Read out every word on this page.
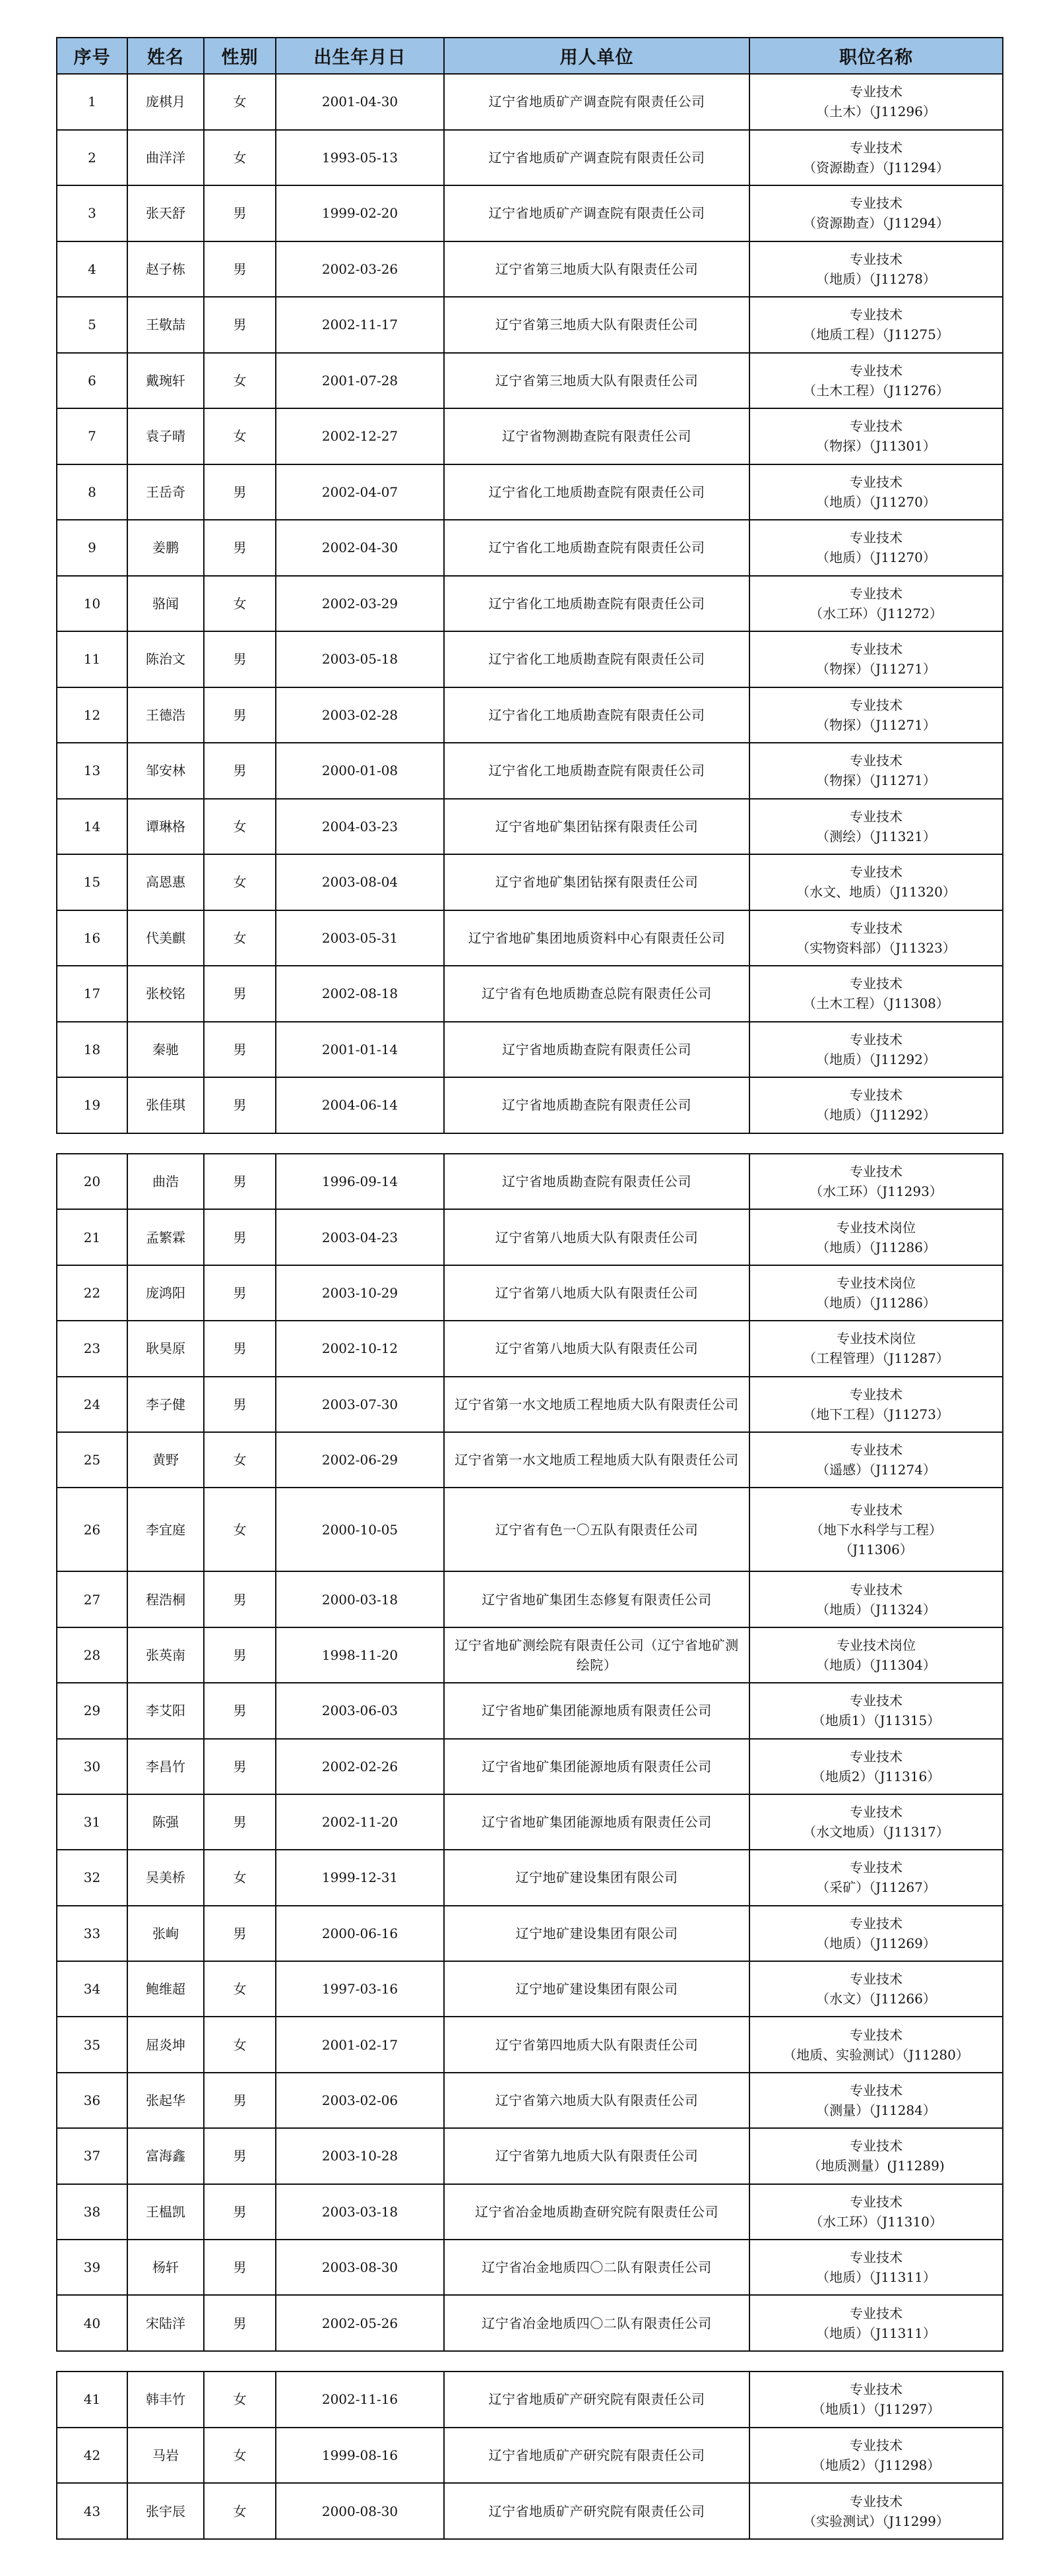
序号	姓名	性别	出生年月日	用人单位	职位名称
1	庞棋月	女	2001-04-30	辽宁省地质矿产调查院有限责任公司	专业技术
（土木）（J11296）

2	曲洋洋	女	1993-05-13	辽宁省地质矿产调查院有限责任公司	专业技术
（资源勘查）（J11294）

3	张天舒	男	1999-02-20	辽宁省地质矿产调查院有限责任公司	专业技术
（资源勘查）（J11294）

4	赵子栋	男	2002-03-26	辽宁省第三地质大队有限责任公司	专业技术
（地质）（J11278）

5	王敬喆	男	2002-11-17	辽宁省第三地质大队有限责任公司	专业技术
（地质工程）（J11275）

6	戴琬轩	女	2001-07-28	辽宁省第三地质大队有限责任公司	专业技术
（土木工程）（J11276）

7	袁子晴	女	2002-12-27	辽宁省物测勘查院有限责任公司	专业技术
（物探）（J11301）

8	王岳奇	男	2002-04-07	辽宁省化工地质勘查院有限责任公司	专业技术
（地质）（J11270）

9	姜鹏	男	2002-04-30	辽宁省化工地质勘查院有限责任公司	专业技术
（地质）（J11270）

10	骆闻	女	2002-03-29	辽宁省化工地质勘查院有限责任公司	专业技术
（水工环）（J11272）

11	陈治文	男	2003-05-18	辽宁省化工地质勘查院有限责任公司	专业技术
（物探）（J11271）

12	王德浩	男	2003-02-28	辽宁省化工地质勘查院有限责任公司	专业技术
（物探）（J11271）

13	邹安林	男	2000-01-08	辽宁省化工地质勘查院有限责任公司	专业技术
（物探）（J11271）

14	谭琳格	女	2004-03-23	辽宁省地矿集团钻探有限责任公司	专业技术
（测绘）（J11321）

15	高恩惠	女	2003-08-04	辽宁省地矿集团钻探有限责任公司	专业技术
（水文、地质）（J11320）

16	代美麒	女	2003-05-31	辽宁省地矿集团地质资料中心有限责任公司	专业技术
（实物资料部）（J11323）

17	张校铭	男	2002-08-18	辽宁省有色地质勘查总院有限责任公司	专业技术
（土木工程）（J11308）

18	秦驰	男	2001-01-14	辽宁省地质勘查院有限责任公司	专业技术
（地质）（J11292）

19	张佳琪	男	2004-06-14	辽宁省地质勘查院有限责任公司	专业技术
（地质）（J11292）
20	曲浩	男	1996-09-14	辽宁省地质勘查院有限责任公司	专业技术
（水工环）（J11293）

21	孟繁霖	男	2003-04-23	辽宁省第八地质大队有限责任公司	专业技术岗位
（地质）（J11286）

22	庞鸿阳	男	2003-10-29	辽宁省第八地质大队有限责任公司	专业技术岗位
（地质）（J11286）

23	耿昊原	男	2002-10-12	辽宁省第八地质大队有限责任公司	专业技术岗位
（工程管理）（J11287）

24	李子健	男	2003-07-30	辽宁省第一水文地质工程地质大队有限责任公司	专业技术
（地下工程）（J11273）

25	黄野	女	2002-06-29	辽宁省第一水文地质工程地质大队有限责任公司	专业技术
（遥感）（J11274）

26	李宜庭	女	2000-10-05	辽宁省有色一〇五队有限责任公司	专业技术
（地下水科学与工程）
（J11306）

27	程浩桐	男	2000-03-18	辽宁省地矿集团生态修复有限责任公司	专业技术
（地质）（J11324）

28	张英南	男	1998-11-20	辽宁省地矿测绘院有限责任公司（辽宁省地矿测绘院）	专业技术岗位
（地质）（J11304）

29	李艾阳	男	2003-06-03	辽宁省地矿集团能源地质有限责任公司	专业技术
（地质1）（J11315）

30	李昌竹	男	2002-02-26	辽宁省地矿集团能源地质有限责任公司	专业技术
（地质2）（J11316）

31	陈强	男	2002-11-20	辽宁省地矿集团能源地质有限责任公司	专业技术
（水文地质）（J11317）

32	吴美桥	女	1999-12-31	辽宁地矿建设集团有限公司	专业技术
（采矿）（J11267）

33	张峋	男	2000-06-16	辽宁地矿建设集团有限公司	专业技术
（地质）（J11269）

34	鲍维超	女	1997-03-16	辽宁地矿建设集团有限公司	专业技术
（水文）（J11266）

35	屈炎坤	女	2001-02-17	辽宁省第四地质大队有限责任公司	专业技术
（地质、实验测试）（J11280）

36	张起华	男	2003-02-06	辽宁省第六地质大队有限责任公司	专业技术
（测量）（J11284）

37	富海鑫	男	2003-10-28	辽宁省第九地质大队有限责任公司	专业技术
（地质测量）(J11289)

38	王榅凯	男	2003-03-18	辽宁省冶金地质勘查研究院有限责任公司	专业技术
（水工环）（J11310）

39	杨轩	男	2003-08-30	辽宁省冶金地质四〇二队有限责任公司	专业技术
（地质）（J11311）

40	宋陆洋	男	2002-05-26	辽宁省冶金地质四〇二队有限责任公司	专业技术
（地质）（J11311）
41	韩丰竹	女	2002-11-16	辽宁省地质矿产研究院有限责任公司	专业技术
（地质1）（J11297）

42	马岩	女	1999-08-16	辽宁省地质矿产研究院有限责任公司	专业技术
（地质2）（J11298）

43	张宇辰	女	2000-08-30	辽宁省地质矿产研究院有限责任公司	专业技术
（实验测试）（J11299）
